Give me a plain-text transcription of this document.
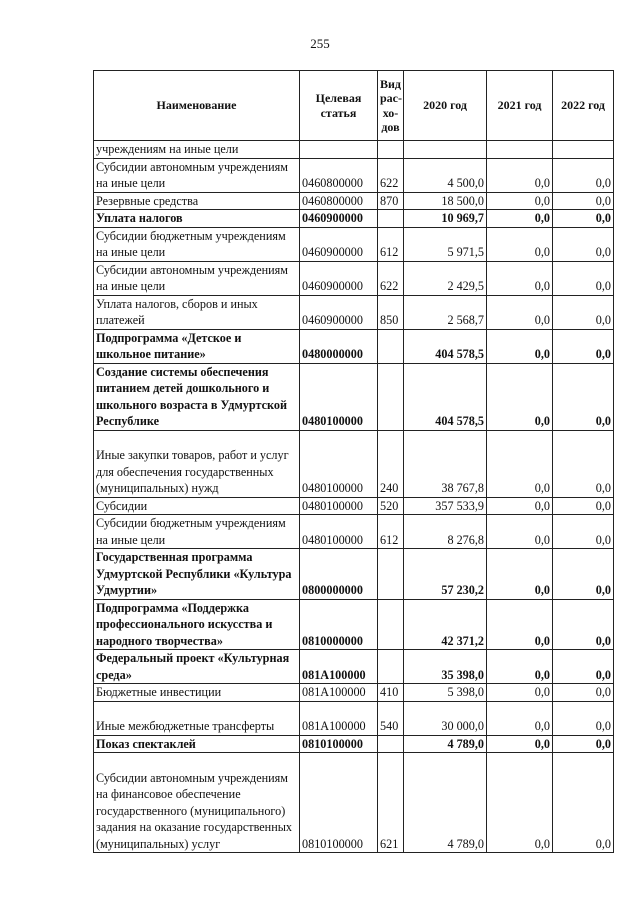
255
Наименование	Целевая статья	Вид рас-хо-дов	2020 год	2021 год	2022 год
учреждениям на иные цели					
Субсидии автономным учреждениям на иные цели	0460800000	622	4 500,0	0,0	0,0
Резервные средства	0460800000	870	18 500,0	0,0	0,0
Уплата налогов	0460900000		10 969,7	0,0	0,0
Субсидии бюджетным учреждениям на иные цели	0460900000	612	5 971,5	0,0	0,0
Субсидии автономным учреждениям на иные цели	0460900000	622	2 429,5	0,0	0,0
Уплата налогов, сборов и иных платежей	0460900000	850	2 568,7	0,0	0,0
Подпрограмма «Детское и школьное питание»	0480000000		404 578,5	0,0	0,0
Создание системы обеспечения питанием детей дошкольного и школьного возраста в Удмуртской Республике	0480100000		404 578,5	0,0	0,0
Иные закупки товаров, работ и услуг для обеспечения государственных (муниципальных) нужд	0480100000	240	38 767,8	0,0	0,0
Субсидии	0480100000	520	357 533,9	0,0	0,0
Субсидии бюджетным учреждениям на иные цели	0480100000	612	8 276,8	0,0	0,0
Государственная программа Удмуртской Республики «Культура Удмуртии»	0800000000		57 230,2	0,0	0,0
Подпрограмма «Поддержка профессионального искусства и народного творчества»	0810000000		42 371,2	0,0	0,0
Федеральный проект «Культурная среда»	081A100000		35 398,0	0,0	0,0
Бюджетные инвестиции	081A100000	410	5 398,0	0,0	0,0
Иные межбюджетные трансферты	081A100000	540	30 000,0	0,0	0,0
Показ спектаклей	0810100000		4 789,0	0,0	0,0
Субсидии автономным учреждениям на финансовое обеспечение государственного (муниципального) задания на оказание государственных (муниципальных) услуг	0810100000	621	4 789,0	0,0	0,0
